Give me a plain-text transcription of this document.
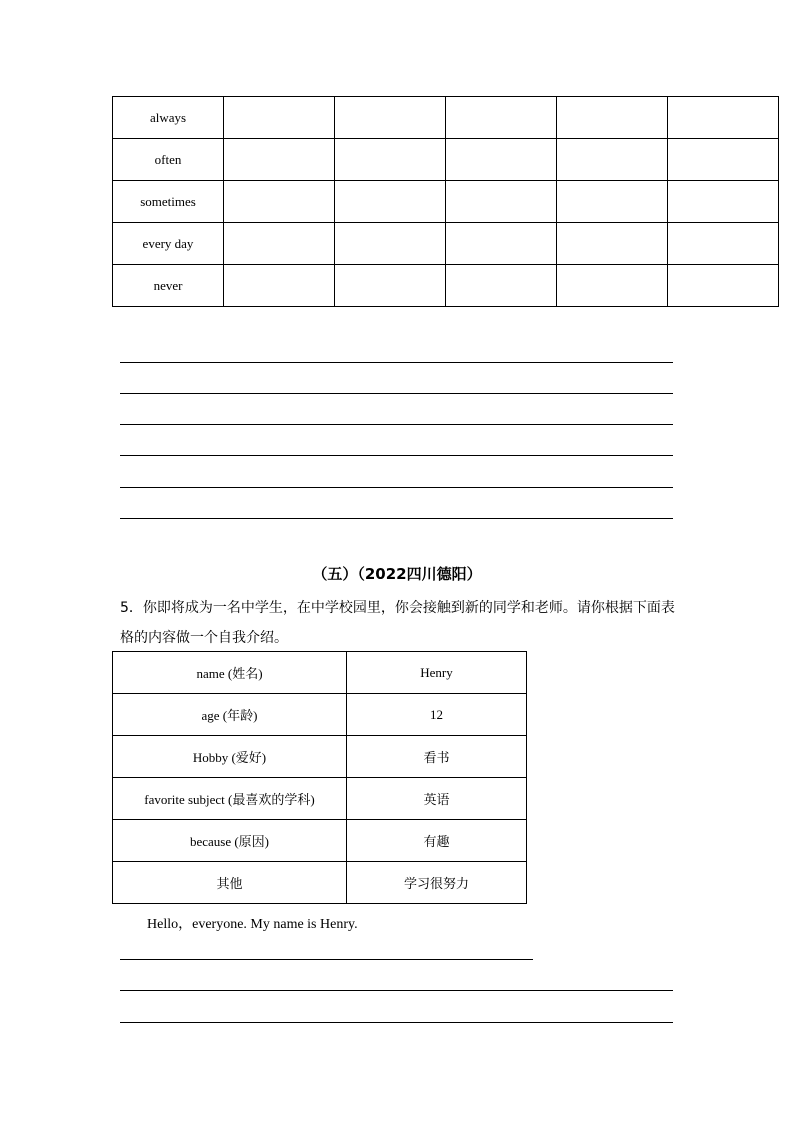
always					
often					
sometimes					
every day					
never					
（五）（2022四川德阳）
5．你即将成为一名中学生，在中学校园里，你会接触到新的同学和老师。请你根据下面表格的内容做一个自我介绍。
name (姓名)	Henry
age (年龄)	12
Hobby (爱好)	看书
favorite subject (最喜欢的学科)	英语
because (原因)	有趣
其他	学习很努力
Hello，everyone. My name is Henry.
